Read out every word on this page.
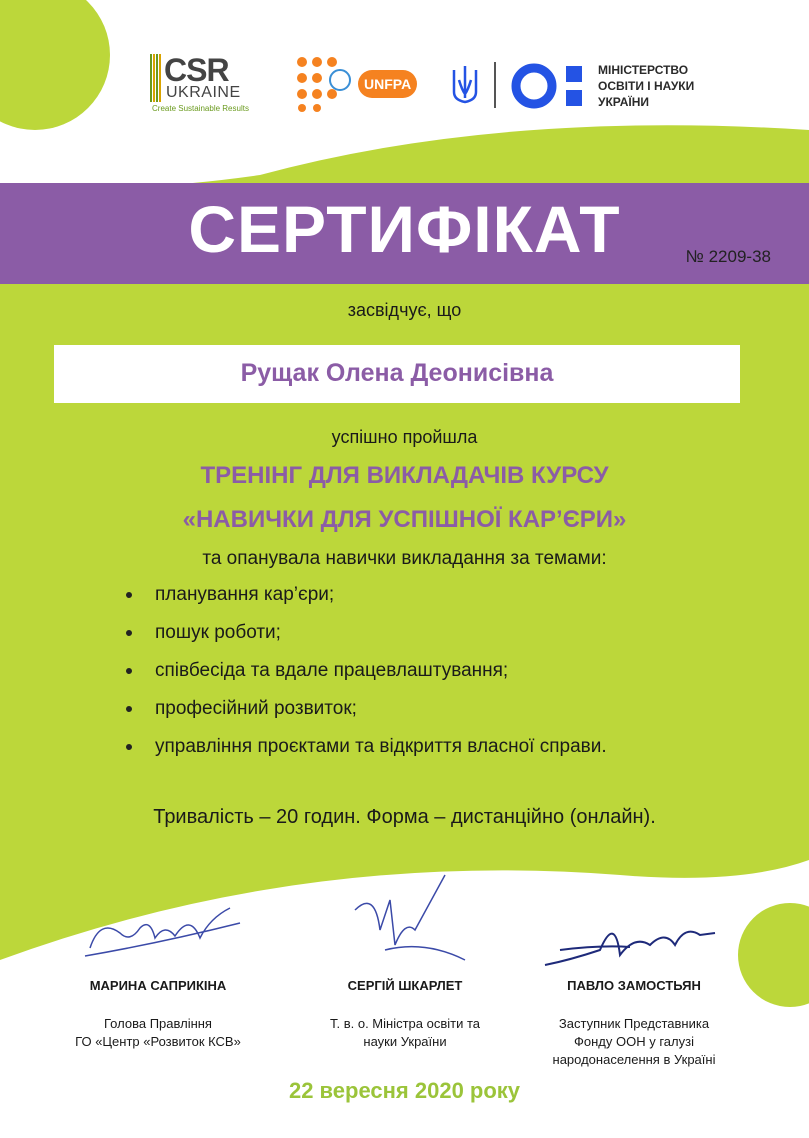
CSR
UKRAINE
Create Sustainable Results
UNFPA
МІНІСТЕРСТВО
ОСВІТИ І НАУКИ
УКРАЇНИ
СЕРТИФІКАТ	№ 2209-38
засвідчує, що
Рущак Олена Деонисівна
успішно пройшла
ТРЕНІНГ ДЛЯ ВИКЛАДАЧІВ КУРСУ
«НАВИЧКИ ДЛЯ УСПІШНОЇ КАР’ЄРИ»
та опанувала навички викладання за темами:
планування кар’єри;
пошук роботи;
співбесіда та вдале працевлаштування;
професійний розвиток;
управління проєктами та відкриття власної справи.
Тривалість – 20 годин. Форма – дистанційно (онлайн).
МАРИНА САПРИКІНА
Голова Правління
ГО «Центр «Розвиток КСВ»
СЕРГІЙ ШКАРЛЕТ
Т. в. о. Міністра освіти та
науки України
ПАВЛО ЗАМОСТЬЯН
Заступник Представника
Фонду ООН у галузі
народонаселення в Україні
22 вересня 2020 року
